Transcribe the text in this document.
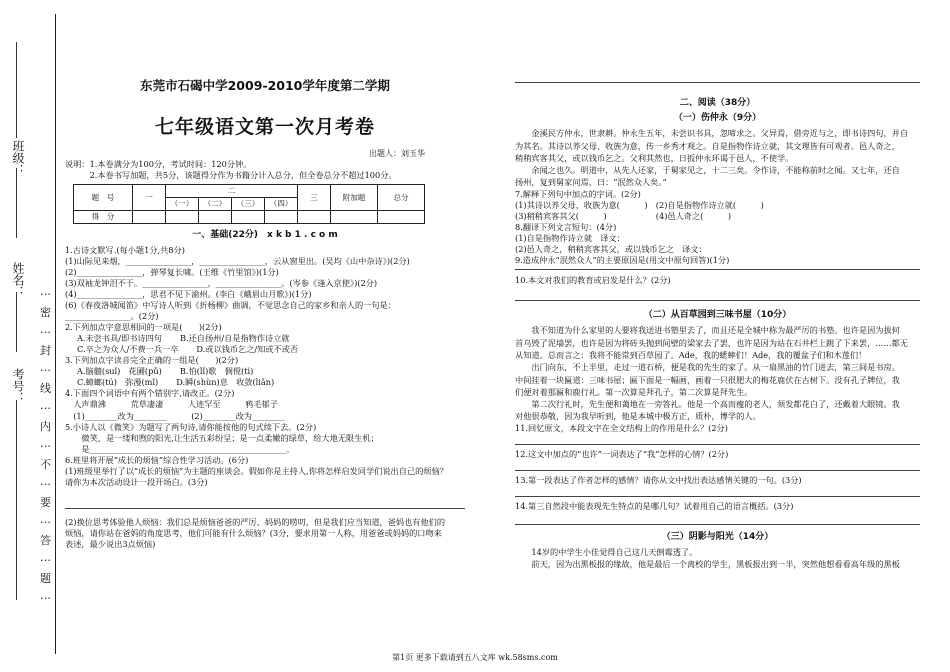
班级：
姓名：
考号：
…
密
…
封
…
线
…
内
…
不
…
要
…
答
…
题
…
东莞市石碣中学2009-2010学年度第二学期
七年级语文第一次月考卷
出题人：刘玉华

说明：1.本卷满分为100分，考试时间：120分钟。

　　　2.本卷书写加题，共5分，该题得分作为书籍分计入总分，但全卷总分不超过100分。

题　号	一	二				三	附加题	总分
		（一）	（二）	（三）	（四）			
得　分								
一、基础(22分)　x k b 1 . c o m

1.古诗文默写.(每小题1分,共8分)

(1)山际见来烟，________________，________________，云从窗里出。(吴均《山中杂诗》)(2分)

(2)________________，弹琴复长啸。(王维《竹里馆》)(1分)

(3)双袖龙钟泪不干。________________，________________。(岑参《逢入京使》)(2分)

(4)________________，思君不见下渝州。(李白《峨眉山月歌》)(1分)

(6)《春夜洛城闻笛》中写诗人听到《折杨柳》曲调，不觉思念自己的家乡和亲人的一句是：

________________。(2分)

2.下列加点字意思相同的一项是(　　)(2分)

A.未尝书具/即书诗四句 B.还自扬州/自是指物作诗立就
C.卒之为众人/不费一兵一卒 D.或以钱币乞之/知或不或否

3.下列加点字读音完全正确的一组是(　　)(2分)

A.脑髓(suǐ)　花圃(pǔ) B.怕(lǐ)歌　倜傥(tì)
C.蟑螂(tú)　弥漫(mǐ) D.瞬(shùn)息　收敛(liǎn)

4.下面四个词语中有两个错别字,请改正。(2分)

　人声鼎沸　　　荒草凄凄　　　人迹罕至　　　鸦毛郁子

　(1)________改为________　　　(2)________改为________

5.小诗人以《微笑》为题写了两句诗,请你能按他的句式续下去。(2分)

　　微笑，是一缕和煦的阳光,让生活五彩纷呈；是一点柔嫩的绿草，给大地无限生机；

　　是________________________________________________。

6.班里将开展“成长的烦恼”综合性学习活动。(6分)

(1)班级里举行了以“成长的烦恼”为主题的座谈会。假如你是主持人,你将怎样启发同学们说出自己的烦恼？

请你为本次活动设计一段开场白。(3分)

(2)换位思考体验他人烦恼：我们总是烦恼爸爸的严厉、妈妈的唠叨，但是我们应当知道，爸妈也有他们的

烦恼，请你站在爸妈的角度思考，他们可能有什么烦恼？(3分，要求用第一人称，用爸爸或妈妈的口吻来

表述，最少说出3点烦恼)

二、阅读（38分）
（一）伤仲永（9分）

金溪民方仲永，世隶耕。仲永生五年，未尝识书具，忽啼求之。父异焉，借旁近与之，即书诗四句，并自

为其名。其诗以养父母、收族为意，传一乡秀才观之。自是指物作诗立就，其文理皆有可观者。邑人奇之，

稍稍宾客其父，或以钱币乞之。父利其然也，日扳仲永环谒于邑人，不使学。

余闻之也久。明道中，从先人还家，于舅家见之，十二三矣。令作诗，不能称前时之闻。又七年，还自

扬州，复到舅家问焉，曰：“泯然众人矣。”

7.解释下列句中加点的字词。(2分)

(1)其诗以养父母，收族为意(　　　)　(2)自是指物作诗立就(　　　)

(3)稍稍宾客其父(　　　)　　　　　　(4)邑人奇之(　　　)

8.翻译下列文言短句：(4分)

(1)自是指物作诗立就　译文：

(2)邑人奇之，稍稍宾客其父，或以钱币乞之　译文：

9.造成仲永“泯然众人”的主要原因是(用文中原句回答)(1分)

10.本文对我们的教育或启发是什么？(2分)

（二）从百草园到三味书屋（10分）

我不知道为什么家里的人要将我送进书塾里去了，而且还是全城中称为最严厉的书塾。也许是因为拔何

首乌毁了泥墙罢，也许是因为将砖头抛到间壁的梁家去了罢，也许是因为站在石井栏上跳了下来罢，……都无

从知道。总而言之：我将不能常到百草园了。Ade，我的蟋蟀们！Ade，我的覆盆子们和木莲们！

出门向东，不上半里，走过一道石桥，便是我的先生的家了。从一扇黑油的竹门进去，第三间是书房。

中间挂着一块匾道：三味书屋；匾下面是一幅画，画着一只很肥大的梅花鹿伏在古树下。没有孔子牌位，我

们便对着那匾和鹿行礼。第一次算是拜孔子，第二次算是拜先生。

第二次行礼时，先生便和蔼地在一旁答礼。他是一个高而瘦的老人，须发都花白了，还戴着大眼镜。我

对他很恭敬，因为我早听到，他是本城中极方正，质朴，博学的人。

11.回忆原文，本段文字在全文结构上的作用是什么？(2分)

12.这文中加点的“也许”一词表达了“我”怎样的心情？(2分)

13.第一段表达了作者怎样的感情？请你从文中找出表达感情关键的一句。(3分)

14.第三自然段中能表现先生特点的是哪几句？试着用自己的语言概括。(3分)

（三）阴影与阳光（14分）

14岁的中学生小佳觉得自己这几天倒霉透了。

前天，因为出黑板报的缘故，他是最后一个离校的学生，黑板报出到一半，突然他想看看高年级的黑板

第1页 更多下载请到五八文库 wk.58sms.com
